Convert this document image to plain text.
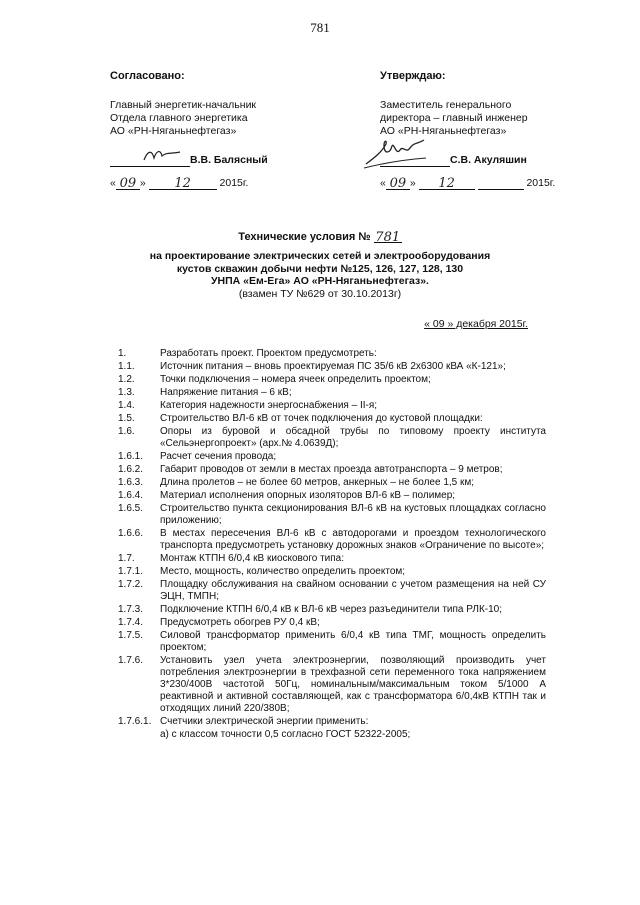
781
Согласовано:
Главный энергетик-начальник
Отдела главного энергетика
АО «РН-Няганьнефтегаз»
В.В. Балясный
« 09 » 12	2015г.
Утверждаю:
Заместитель генерального
директора – главный инженер
АО «РН-Няганьнефтегаз»
С.В. Акуляшин
« 09 » 12	2015г.
Технические условия № 781
на проектирование электрических сетей и электрооборудования
кустов скважин добычи нефти №125, 126, 127, 128, 130
УНПА «Ем-Ега» АО «РН-Няганьнефтегаз».
(взамен ТУ №629 от 30.10.2013г)
« 09 » декабря 2015г.
1.	Разработать проект. Проектом предусмотреть:
1.1.	Источник питания – вновь проектируемая ПС 35/6 кВ 2х6300 кВА «К-121»;
1.2.	Точки подключения – номера ячеек определить проектом;
1.3.	Напряжение питания – 6 кВ;
1.4.	Категория надежности энергоснабжения – II-я;
1.5.	Строительство ВЛ-6 кВ от точек подключения до кустовой площадки:
1.6.	Опоры из буровой и обсадной трубы по типовому проекту института «Сельэнергопроект» (арх.№ 4.0639Д);
1.6.1.	Расчет сечения провода;
1.6.2.	Габарит проводов от земли в местах проезда автотранспорта – 9 метров;
1.6.3.	Длина пролетов – не более 60 метров, анкерных – не более 1,5 км;
1.6.4.	Материал исполнения опорных изоляторов ВЛ-6 кВ – полимер;
1.6.5.	Строительство пункта секционирования ВЛ-6 кВ на кустовых площадках согласно приложению;
1.6.6.	В местах пересечения ВЛ-6 кВ с автодорогами и проездом технологического транспорта предусмотреть установку дорожных знаков «Ограничение по высоте»;
1.7.	Монтаж КТПН 6/0,4 кВ киоскового типа:
1.7.1.	Место, мощность, количество определить проектом;
1.7.2.	Площадку обслуживания на свайном основании с учетом размещения на ней СУ ЭЦН, ТМПН;
1.7.3.	Подключение КТПН 6/0,4 кВ к ВЛ-6 кВ через разъединители типа РЛК-10;
1.7.4.	Предусмотреть обогрев РУ 0,4 кВ;
1.7.5.	Силовой трансформатор применить 6/0,4 кВ типа ТМГ, мощность определить проектом;
1.7.6.	Установить узел учета электроэнергии, позволяющий производить учет потребления электроэнергии в трехфазной сети переменного тока напряжением 3*230/400В частотой 50Гц, номинальным/максимальным током 5/1000 А реактивной и активной составляющей, как с трансформатора 6/0,4кВ КТПН так и отходящих линий 220/380В;
1.7.6.1. Счетчики электрической энергии применить:
а) с классом точности 0,5 согласно ГОСТ 52322-2005;
